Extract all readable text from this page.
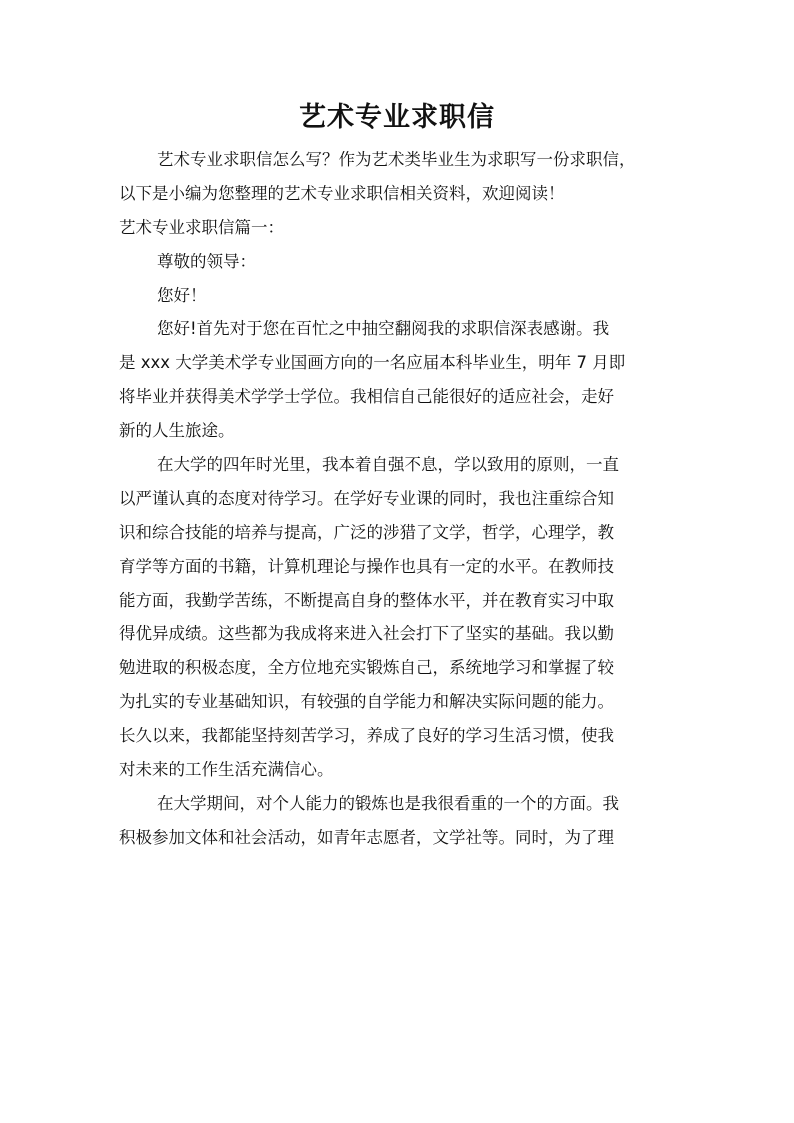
艺术专业求职信
艺术专业求职信怎么写？作为艺术类毕业生为求职写一份求职信，
以下是小编为您整理的艺术专业求职信相关资料，欢迎阅读！
艺术专业求职信篇一：
尊敬的领导：
您好！
您好!首先对于您在百忙之中抽空翻阅我的求职信深表感谢。我
是 xxx 大学美术学专业国画方向的一名应届本科毕业生，明年 7 月即
将毕业并获得美术学学士学位。我相信自己能很好的适应社会，走好
新的人生旅途。
在大学的四年时光里，我本着自强不息，学以致用的原则，一直
以严谨认真的态度对待学习。在学好专业课的同时，我也注重综合知
识和综合技能的培养与提高，广泛的涉猎了文学，哲学，心理学，教
育学等方面的书籍，计算机理论与操作也具有一定的水平。在教师技
能方面，我勤学苦练，不断提高自身的整体水平，并在教育实习中取
得优异成绩。这些都为我成将来进入社会打下了坚实的基础。我以勤
勉进取的积极态度，全方位地充实锻炼自己，系统地学习和掌握了较
为扎实的专业基础知识，有较强的自学能力和解决实际问题的能力。
长久以来，我都能坚持刻苦学习，养成了良好的学习生活习惯，使我
对未来的工作生活充满信心。
在大学期间，对个人能力的锻炼也是我很看重的一个的方面。我
积极参加文体和社会活动，如青年志愿者，文学社等。同时，为了理
